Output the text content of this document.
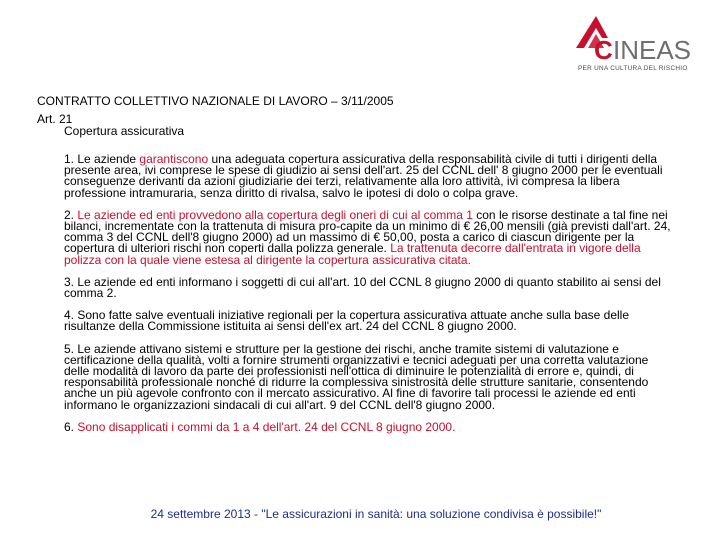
C INEAS
PER UNA CULTURA DEL RISCHIO
CONTRATTO COLLETTIVO NAZIONALE DI LAVORO – 3/11/2005
Art. 21
Copertura assicurativa

1. Le aziende garantiscono una adeguata copertura assicurativa della responsabilità civile di tutti i dirigenti della presente area, ivi comprese le spese di giudizio ai sensi dell'art. 25 del CCNL dell' 8 giugno 2000 per le eventuali conseguenze derivanti da azioni giudiziarie dei terzi, relativamente alla loro attività, ivi compresa la libera professione intramuraria, senza diritto di rivalsa, salvo le ipotesi di dolo o colpa grave.

2. Le aziende ed enti provvedono alla copertura degli oneri di cui al comma 1 con le risorse destinate a tal fine nei bilanci, incrementate con la trattenuta di misura pro-capite da un minimo di € 26,00 mensili (già previsti dall'art. 24, comma 3 del CCNL dell'8 giugno 2000) ad un massimo di € 50,00, posta a carico di ciascun dirigente per la copertura di ulteriori rischi non coperti dalla polizza generale. La trattenuta decorre dall'entrata in vigore della polizza con la quale viene estesa al dirigente la copertura assicurativa citata.

3. Le aziende ed enti informano i soggetti di cui all'art. 10 del CCNL 8 giugno 2000 di quanto stabilito ai sensi del comma 2.

4. Sono fatte salve eventuali iniziative regionali per la copertura assicurativa attuate anche sulla base delle risultanze della Commissione istituita ai sensi dell'ex art. 24 del CCNL 8 giugno 2000.

5. Le aziende attivano sistemi e strutture per la gestione dei rischi, anche tramite sistemi di valutazione e certificazione della qualità, volti a fornire strumenti organizzativi e tecnici adeguati per una corretta valutazione delle modalità di lavoro da parte dei professionisti nell'ottica di diminuire le potenzialità di errore e, quindi, di responsabilità professionale nonché di ridurre la complessiva sinistrosità delle strutture sanitarie, consentendo anche un più agevole confronto con il mercato assicurativo. Al fine di favorire tali processi le aziende ed enti informano le organizzazioni sindacali di cui all'art. 9 del CCNL dell'8 giugno 2000.

6. Sono disapplicati i commi da 1 a 4 dell'art. 24 del CCNL 8 giugno 2000.

24 settembre 2013 - "Le assicurazioni in sanità: una soluzione condivisa è possibile!"
